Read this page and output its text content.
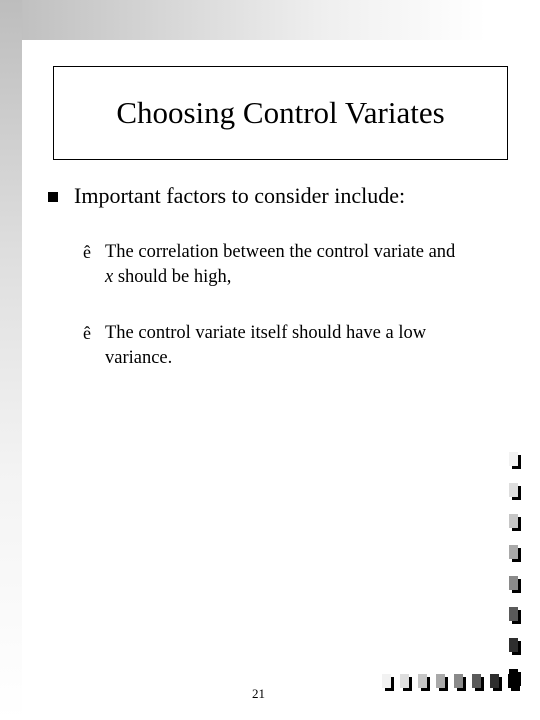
Choosing Control Variates
Important factors to consider include:
ê The correlation between the control variate and
x should be high,
ê The control variate itself should have a low
variance.
21
